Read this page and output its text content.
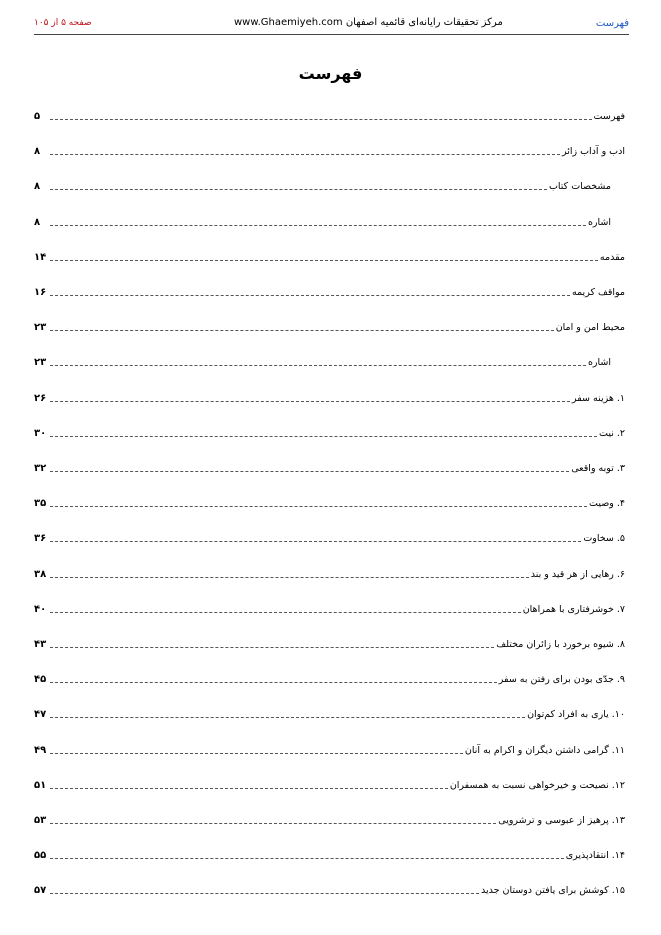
فهرست
مرکز تحقیقات رایانه‌ای قائمیه اصفهان www.Ghaemiyeh.com
صفحه ۵ از ۱۰۵
فهرست
فهرست
۵
ادب و آداب زائر
۸
مشخصات کتاب
۸
اشاره
۸
مقدمه
۱۴
مواقف کریمه
۱۶
محیط امن و امان
۲۳
اشاره
۲۳
۱. هزینه سفر
۲۶
۲. نیت
۳۰
۳. توبه واقعی
۳۲
۴. وصیت
۳۵
۵. سخاوت
۳۶
۶. رهایی از هر قید و بند
۳۸
۷. خوشرفتاری با همراهان
۴۰
۸. شیوه برخورد با زائران مختلف
۴۳
۹. جدّی بودن برای رفتن به سفر
۴۵
۱۰. یاری به افراد کم‌توان
۴۷
۱۱. گرامی داشتن دیگران و اکرام به آنان
۴۹
۱۲. نصیحت و خیرخواهی نسبت به همسفران
۵۱
۱۳. پرهیز از عبوسی و ترشرویی
۵۳
۱۴. انتقادپذیری
۵۵
۱۵. کوشش برای یافتن دوستان جدید
۵۷
